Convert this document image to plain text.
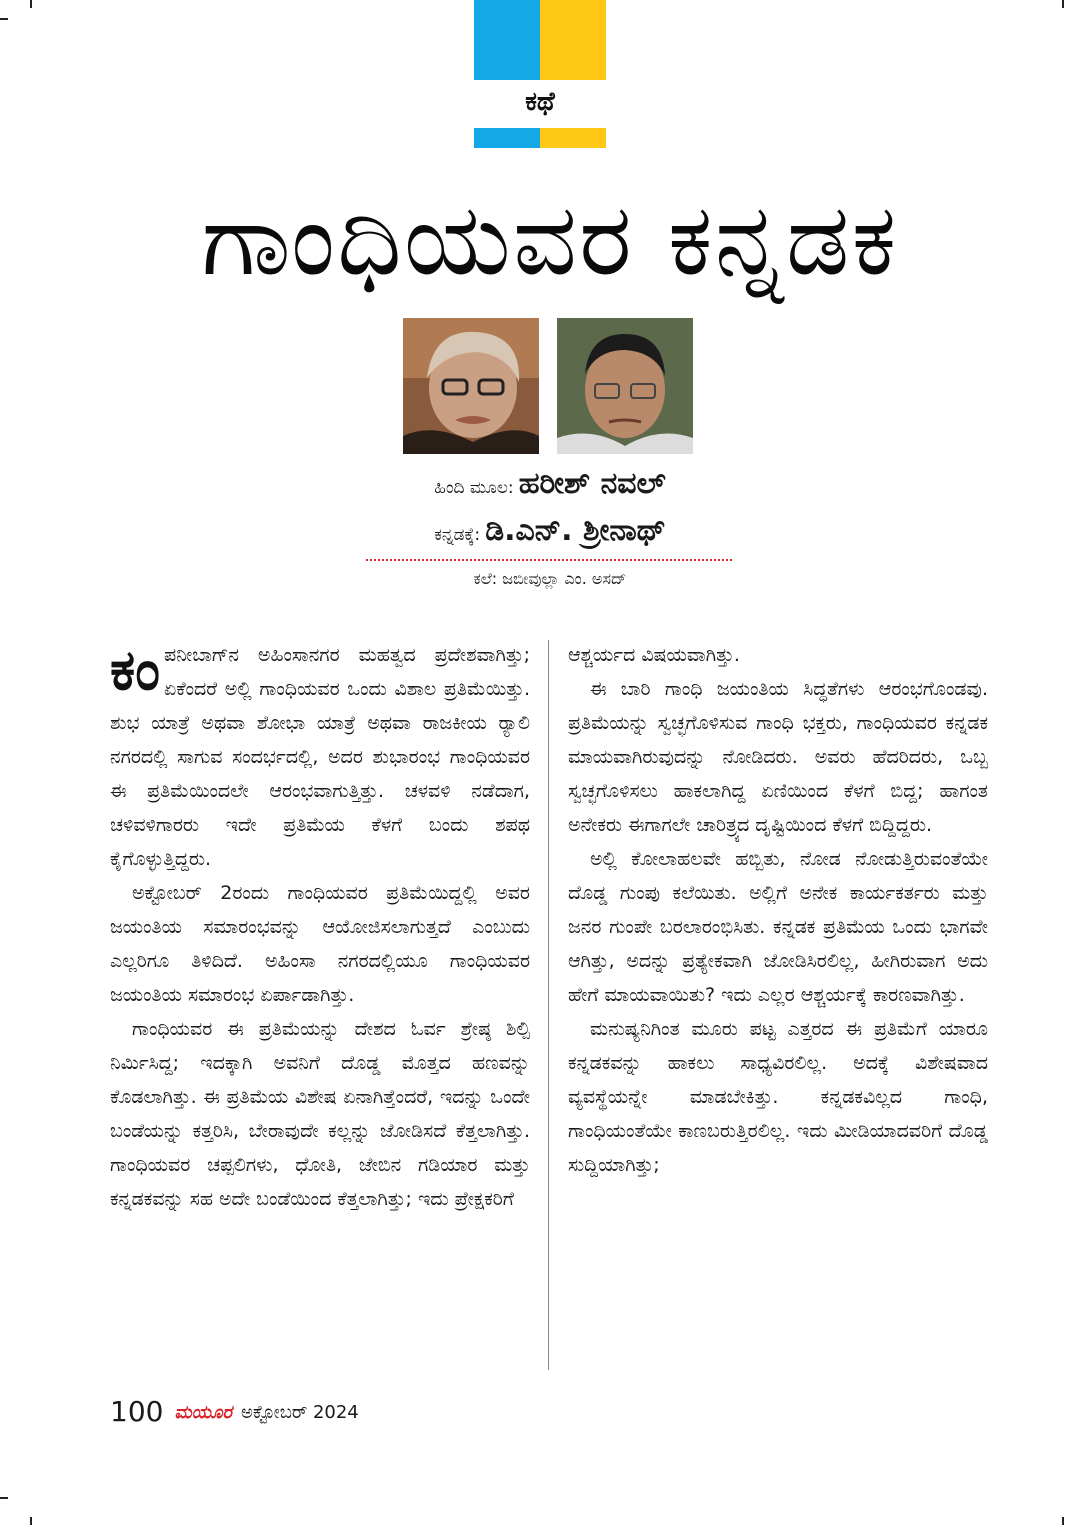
ಕಥೆ
ಗಾಂಧಿಯವರ ಕನ್ನಡಕ
ಹಿಂದಿ ಮೂಲ: ಹರೀಶ್ ನವಲ್
ಕನ್ನಡಕ್ಕೆ: ಡಿ.ಎನ್. ಶ್ರೀನಾಥ್
ಕಲೆ: ಜಬೀವುಲ್ಲಾ ಎಂ. ಅಸದ್

ಕಂಪನೀಬಾಗ್‌ನ ಅಹಿಂಸಾನಗರ ಮಹತ್ವದ ಪ್ರದೇಶವಾಗಿತ್ತು; ಏಕೆಂದರೆ ಅಲ್ಲಿ ಗಾಂಧಿಯವರ ಒಂದು ವಿಶಾಲ ಪ್ರತಿಮೆಯಿತ್ತು. ಶುಭ ಯಾತ್ರೆ ಅಥವಾ ಶೋಭಾ ಯಾತ್ರೆ ಅಥವಾ ರಾಜಕೀಯ ರ್‍ಯಾಲಿ ನಗರದಲ್ಲಿ ಸಾಗುವ ಸಂದರ್ಭದಲ್ಲಿ, ಅದರ ಶುಭಾರಂಭ ಗಾಂಧಿಯವರ ಈ ಪ್ರತಿಮೆಯಿಂದಲೇ ಆರಂಭವಾಗುತ್ತಿತ್ತು. ಚಳವಳಿ ನಡೆದಾಗ, ಚಳಿವಳಿಗಾರರು ಇದೇ ಪ್ರತಿಮೆಯ ಕೆಳಗೆ ಬಂದು ಶಪಥ ಕೈಗೊಳ್ಳುತ್ತಿದ್ದರು.

ಅಕ್ಟೋಬರ್ 2ರಂದು ಗಾಂಧಿಯವರ ಪ್ರತಿಮೆಯಿದ್ದಲ್ಲಿ ಅವರ ಜಯಂತಿಯ ಸಮಾರಂಭವನ್ನು ಆಯೋಜಿಸಲಾಗುತ್ತದೆ ಎಂಬುದು ಎಲ್ಲರಿಗೂ ತಿಳಿದಿದೆ. ಅಹಿಂಸಾ ನಗರದಲ್ಲಿಯೂ ಗಾಂಧಿಯವರ ಜಯಂತಿಯ ಸಮಾರಂಭ ಏರ್ಪಾಡಾಗಿತ್ತು.

ಗಾಂಧಿಯವರ ಈ ಪ್ರತಿಮೆಯನ್ನು ದೇಶದ ಓರ್ವ ಶ್ರೇಷ್ಠ ಶಿಲ್ಪಿ ನಿರ್ಮಿಸಿದ್ದ; ಇದಕ್ಕಾಗಿ ಅವನಿಗೆ ದೊಡ್ಡ ಮೊತ್ತದ ಹಣವನ್ನು ಕೊಡಲಾಗಿತ್ತು. ಈ ಪ್ರತಿಮೆಯ ವಿಶೇಷ ಏನಾಗಿತ್ತೆಂದರೆ, ಇದನ್ನು ಒಂದೇ ಬಂಡೆಯನ್ನು ಕತ್ತರಿಸಿ, ಬೇರಾವುದೇ ಕಲ್ಲನ್ನು ಜೋಡಿಸದೆ ಕೆತ್ತಲಾಗಿತ್ತು. ಗಾಂಧಿಯವರ ಚಪ್ಪಲಿಗಳು, ಧೋತಿ, ಜೇಬಿನ ಗಡಿಯಾರ ಮತ್ತು ಕನ್ನಡಕವನ್ನು ಸಹ ಅದೇ ಬಂಡೆಯಿಂದ ಕೆತ್ತಲಾಗಿತ್ತು; ಇದು ಪ್ರೇಕ್ಷಕರಿಗೆ

ಆಶ್ಚರ್ಯದ ವಿಷಯವಾಗಿತ್ತು.

ಈ ಬಾರಿ ಗಾಂಧಿ ಜಯಂತಿಯ ಸಿದ್ಧತೆಗಳು ಆರಂಭಗೊಂಡವು. ಪ್ರತಿಮೆಯನ್ನು ಸ್ವಚ್ಛಗೊಳಿಸುವ ಗಾಂಧಿ ಭಕ್ತರು, ಗಾಂಧಿಯವರ ಕನ್ನಡಕ ಮಾಯವಾಗಿರುವುದನ್ನು ನೋಡಿದರು. ಅವರು ಹೆದರಿದರು, ಒಬ್ಬ ಸ್ವಚ್ಛಗೊಳಿಸಲು ಹಾಕಲಾಗಿದ್ದ ಏಣಿಯಿಂದ ಕೆಳಗೆ ಬಿದ್ದ; ಹಾಗಂತ ಅನೇಕರು ಈಗಾಗಲೇ ಚಾರಿತ್ರ್ಯದ ದೃಷ್ಟಿಯಿಂದ ಕೆಳಗೆ ಬಿದ್ದಿದ್ದರು.

ಅಲ್ಲಿ ಕೋಲಾಹಲವೇ ಹಬ್ಬಿತು, ನೋಡ ನೋಡುತ್ತಿರುವಂತೆಯೇ ದೊಡ್ಡ ಗುಂಪು ಕಲೆಯಿತು. ಅಲ್ಲಿಗೆ ಅನೇಕ ಕಾರ್ಯಕರ್ತರು ಮತ್ತು ಜನರ ಗುಂಪೇ ಬರಲಾರಂಭಿಸಿತು. ಕನ್ನಡಕ ಪ್ರತಿಮೆಯ ಒಂದು ಭಾಗವೇ ಆಗಿತ್ತು, ಅದನ್ನು ಪ್ರತ್ಯೇಕವಾಗಿ ಜೋಡಿಸಿರಲಿಲ್ಲ, ಹೀಗಿರುವಾಗ ಅದು ಹೇಗೆ ಮಾಯವಾಯಿತು? ಇದು ಎಲ್ಲರ ಆಶ್ಚರ್ಯಕ್ಕೆ ಕಾರಣವಾಗಿತ್ತು.

ಮನುಷ್ಯನಿಗಿಂತ ಮೂರು ಪಟ್ಟ ಎತ್ತರದ ಈ ಪ್ರತಿಮೆಗೆ ಯಾರೂ ಕನ್ನಡಕವನ್ನು ಹಾಕಲು ಸಾಧ್ಯವಿರಲಿಲ್ಲ. ಅದಕ್ಕೆ ವಿಶೇಷವಾದ ವ್ಯವಸ್ಥೆಯನ್ನೇ ಮಾಡಬೇಕಿತ್ತು. ಕನ್ನಡಕವಿಲ್ಲದ ಗಾಂಧಿ, ಗಾಂಧಿಯಂತೆಯೇ ಕಾಣಬರುತ್ತಿರಲಿಲ್ಲ. ಇದು ಮೀಡಿಯಾದವರಿಗೆ ದೊಡ್ಡ ಸುದ್ದಿಯಾಗಿತ್ತು;

100 ಮಯೂರ ಅಕ್ಟೋಬರ್ 2024
